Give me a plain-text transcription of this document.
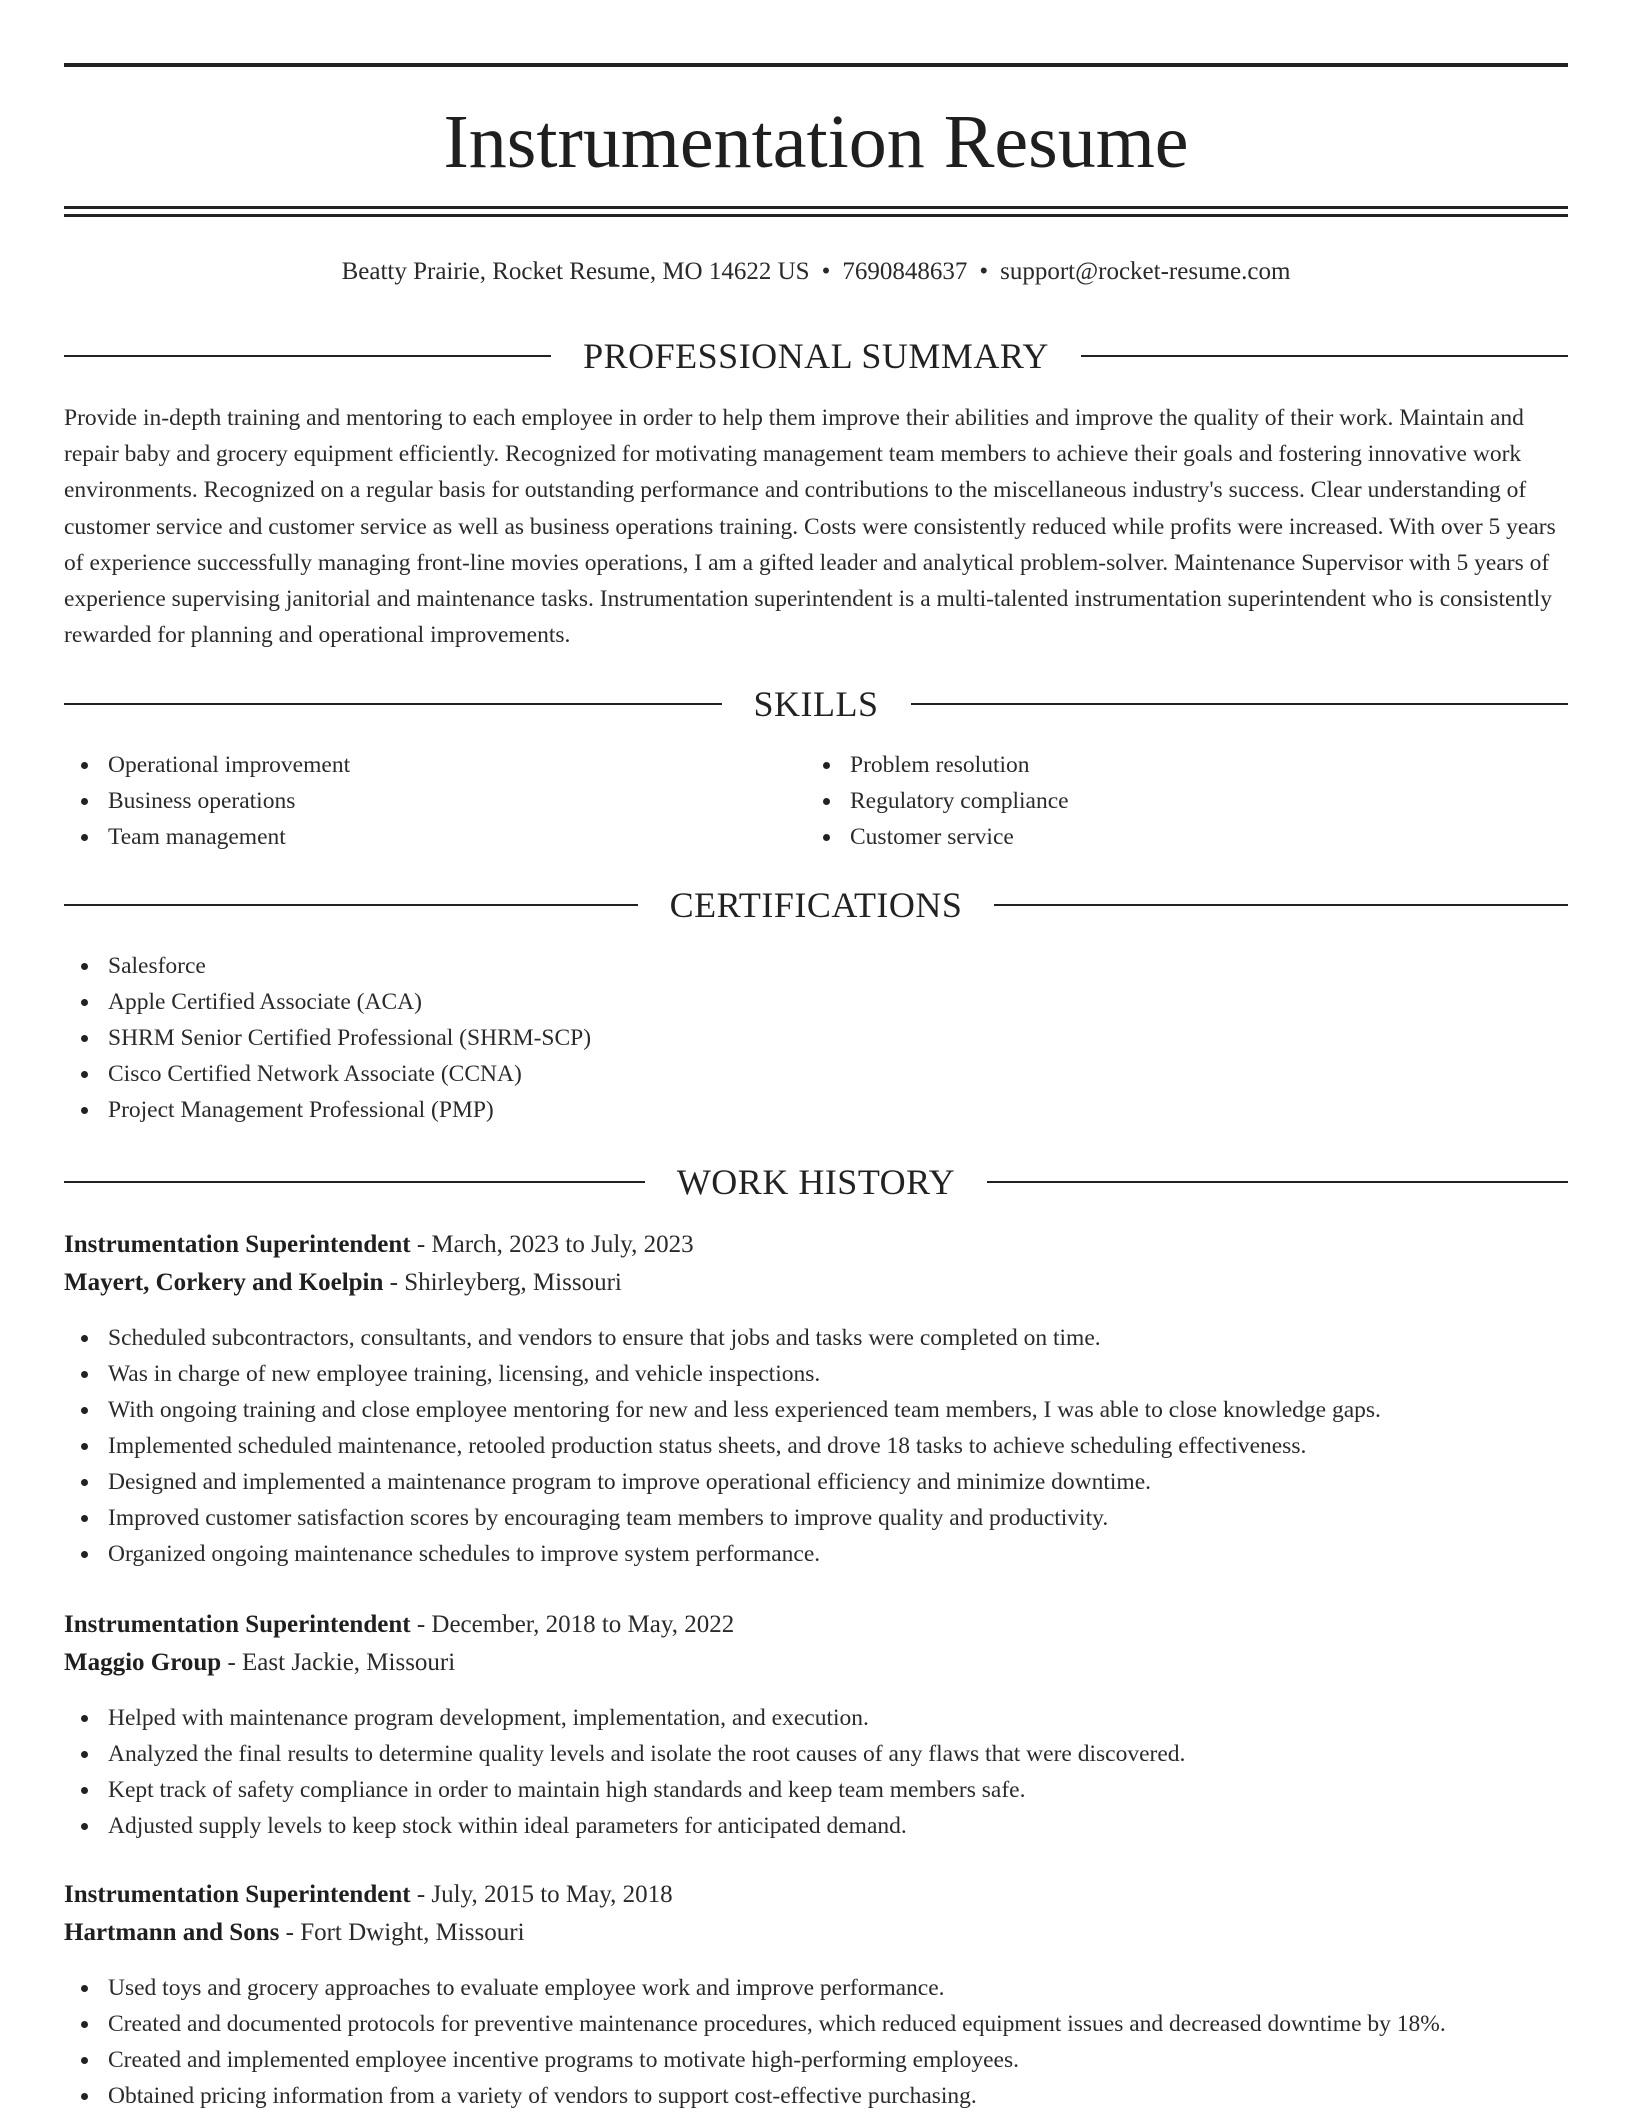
Instrumentation Resume
Beatty Prairie, Rocket Resume, MO 14622 US • 7690848637 • support@rocket-resume.com
PROFESSIONAL SUMMARY

Provide in-depth training and mentoring to each employee in order to help them improve their abilities and improve the quality of their work. Maintain and repair baby and grocery equipment efficiently. Recognized for motivating management team members to achieve their goals and fostering innovative work environments. Recognized on a regular basis for outstanding performance and contributions to the miscellaneous industry's success. Clear understanding of customer service and customer service as well as business operations training. Costs were consistently reduced while profits were increased. With over 5 years of experience successfully managing front-line movies operations, I am a gifted leader and analytical problem-solver. Maintenance Supervisor with 5 years of experience supervising janitorial and maintenance tasks. Instrumentation superintendent is a multi-talented instrumentation superintendent who is consistently rewarded for planning and operational improvements.

SKILLS
Operational improvement
Business operations
Team management
Problem resolution
Regulatory compliance
Customer service
CERTIFICATIONS
Salesforce
Apple Certified Associate (ACA)
SHRM Senior Certified Professional (SHRM-SCP)
Cisco Certified Network Associate (CCNA)
Project Management Professional (PMP)
WORK HISTORY
Instrumentation Superintendent - March, 2023 to July, 2023
Mayert, Corkery and Koelpin - Shirleyberg, Missouri
Scheduled subcontractors, consultants, and vendors to ensure that jobs and tasks were completed on time.
Was in charge of new employee training, licensing, and vehicle inspections.
With ongoing training and close employee mentoring for new and less experienced team members, I was able to close knowledge gaps.
Implemented scheduled maintenance, retooled production status sheets, and drove 18 tasks to achieve scheduling effectiveness.
Designed and implemented a maintenance program to improve operational efficiency and minimize downtime.
Improved customer satisfaction scores by encouraging team members to improve quality and productivity.
Organized ongoing maintenance schedules to improve system performance.
Instrumentation Superintendent - December, 2018 to May, 2022
Maggio Group - East Jackie, Missouri
Helped with maintenance program development, implementation, and execution.
Analyzed the final results to determine quality levels and isolate the root causes of any flaws that were discovered.
Kept track of safety compliance in order to maintain high standards and keep team members safe.
Adjusted supply levels to keep stock within ideal parameters for anticipated demand.
Instrumentation Superintendent - July, 2015 to May, 2018
Hartmann and Sons - Fort Dwight, Missouri
Used toys and grocery approaches to evaluate employee work and improve performance.
Created and documented protocols for preventive maintenance procedures, which reduced equipment issues and decreased downtime by 18%.
Created and implemented employee incentive programs to motivate high-performing employees.
Obtained pricing information from a variety of vendors to support cost-effective purchasing.
